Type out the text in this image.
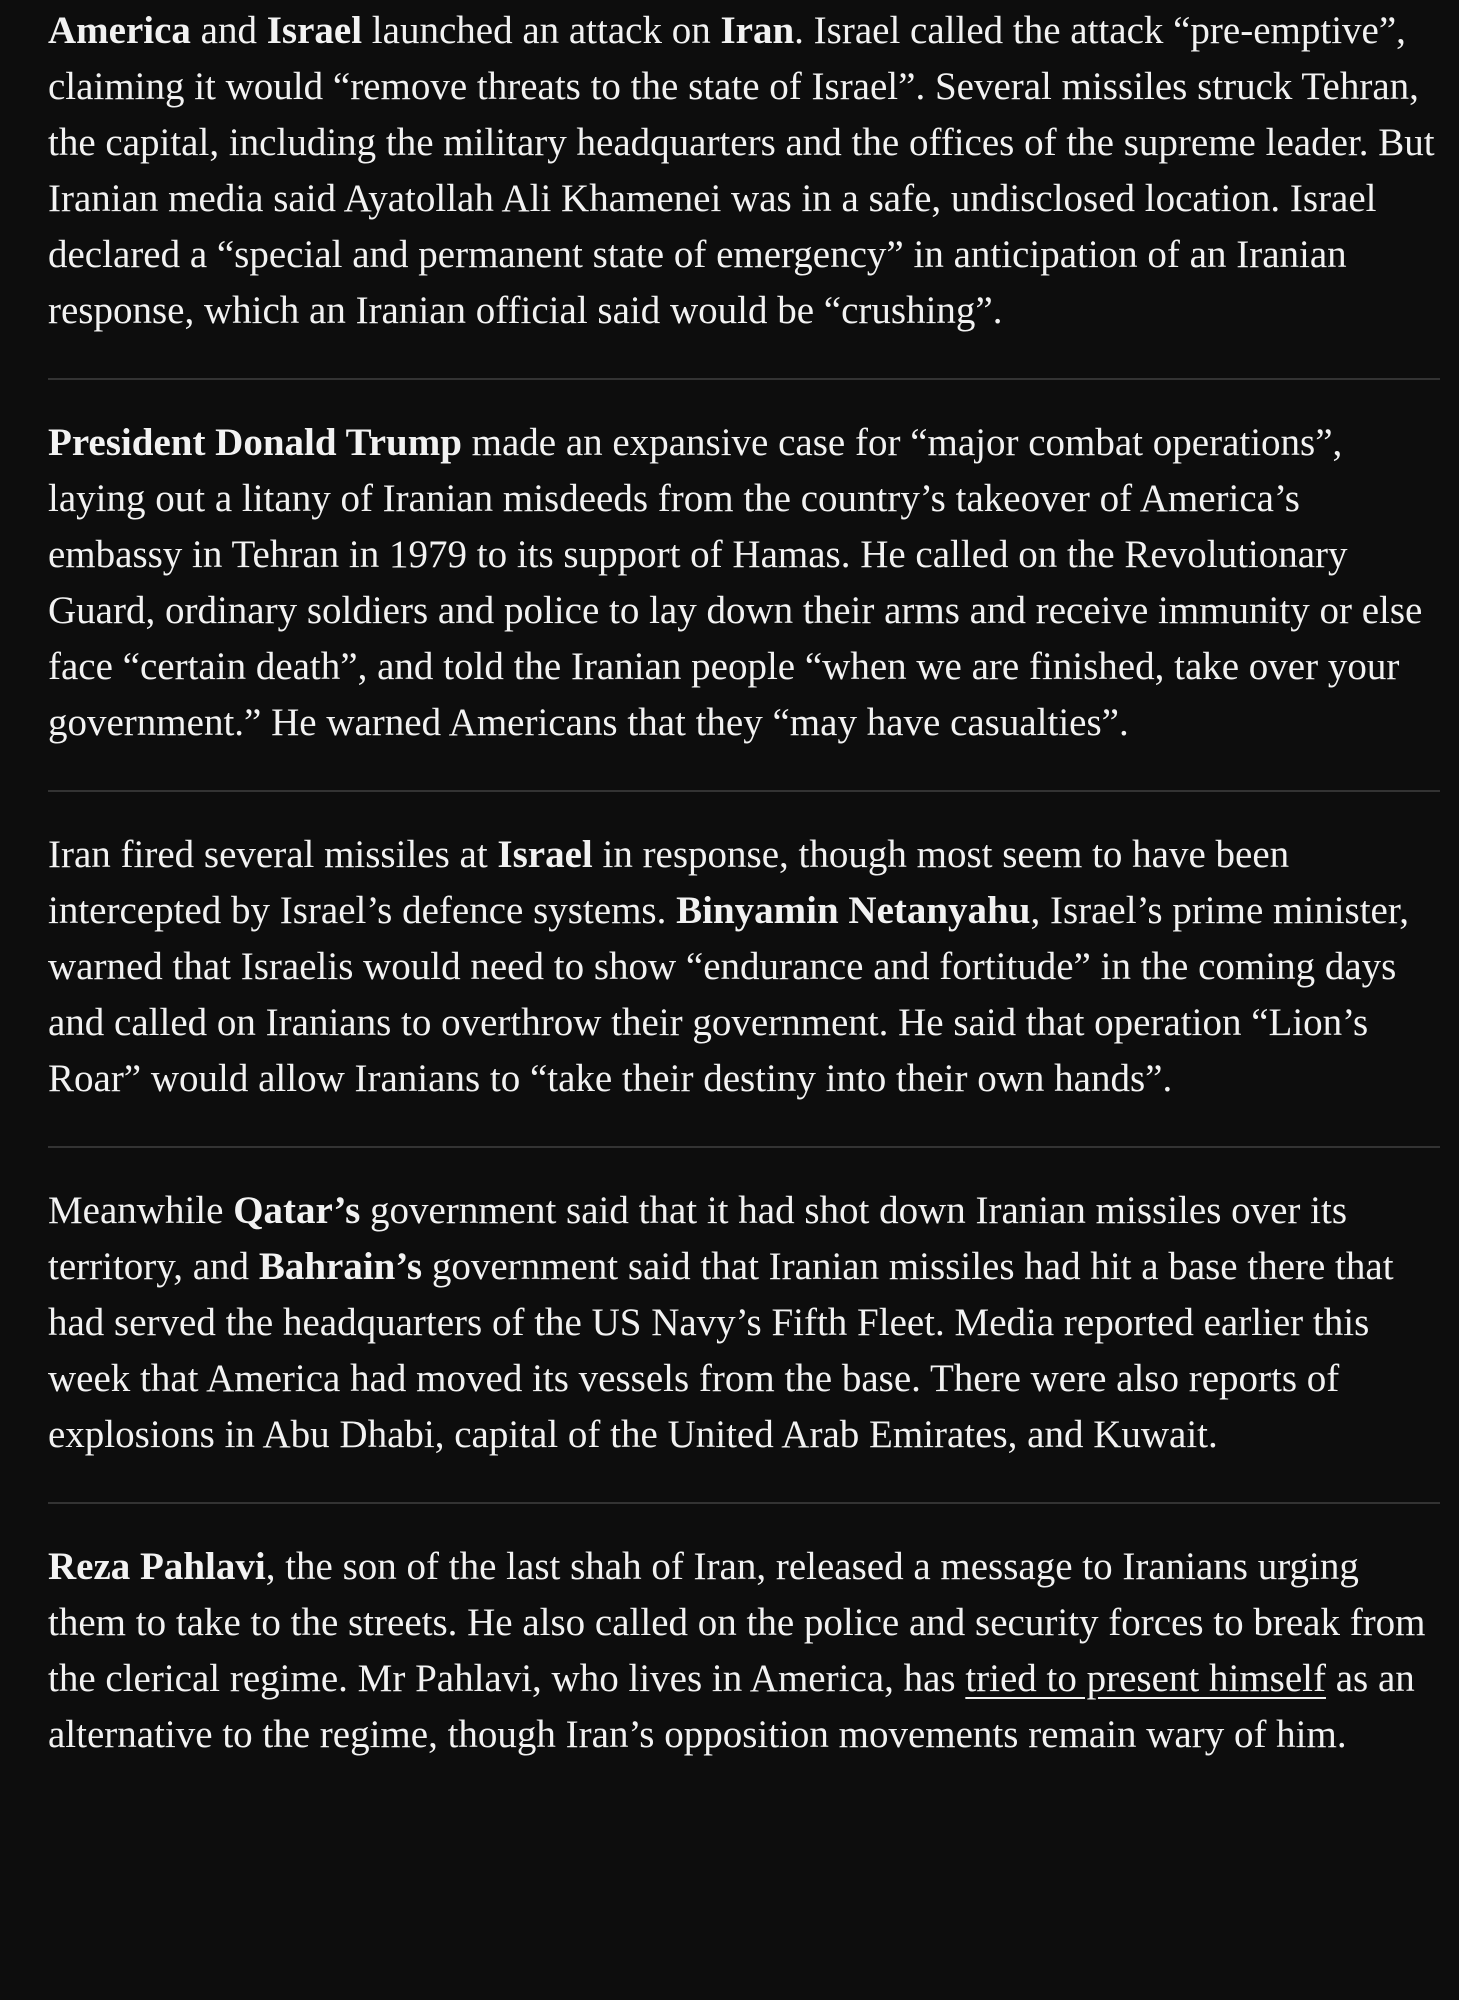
America and Israel launched an attack on Iran. Israel called the attack “pre-emptive”, claiming it would “remove threats to the state of Israel”. Several missiles struck Tehran, the capital, including the military headquarters and the offices of the supreme leader. But Iranian media said Ayatollah Ali Khamenei was in a safe, undisclosed location. Israel declared a “special and permanent state of emergency” in anticipation of an Iranian response, which an Iranian official said would be “crushing”.

President Donald Trump made an expansive case for “major combat operations”, laying out a litany of Iranian misdeeds from the country’s takeover of America’s embassy in Tehran in 1979 to its support of Hamas. He called on the Revolutionary Guard, ordinary soldiers and police to lay down their arms and receive immunity or else face “certain death”, and told the Iranian people “when we are finished, take over your government.” He warned Americans that they “may have casualties”.

Iran fired several missiles at Israel in response, though most seem to have been intercepted by Israel’s defence systems. Binyamin Netanyahu, Israel’s prime minister, warned that Israelis would need to show “endurance and fortitude” in the coming days and called on Iranians to overthrow their government. He said that operation “Lion’s Roar” would allow Iranians to “take their destiny into their own hands”.

Meanwhile Qatar’s government said that it had shot down Iranian missiles over its territory, and Bahrain’s government said that Iranian missiles had hit a base there that had served the headquarters of the US Navy’s Fifth Fleet. Media reported earlier this week that America had moved its vessels from the base. There were also reports of explosions in Abu Dhabi, capital of the United Arab Emirates, and Kuwait.

Reza Pahlavi, the son of the last shah of Iran, released a message to Iranians urging them to take to the streets. He also called on the police and security forces to break from the clerical regime. Mr Pahlavi, who lives in America, has tried to present himself as an alternative to the regime, though Iran’s opposition movements remain wary of him.
